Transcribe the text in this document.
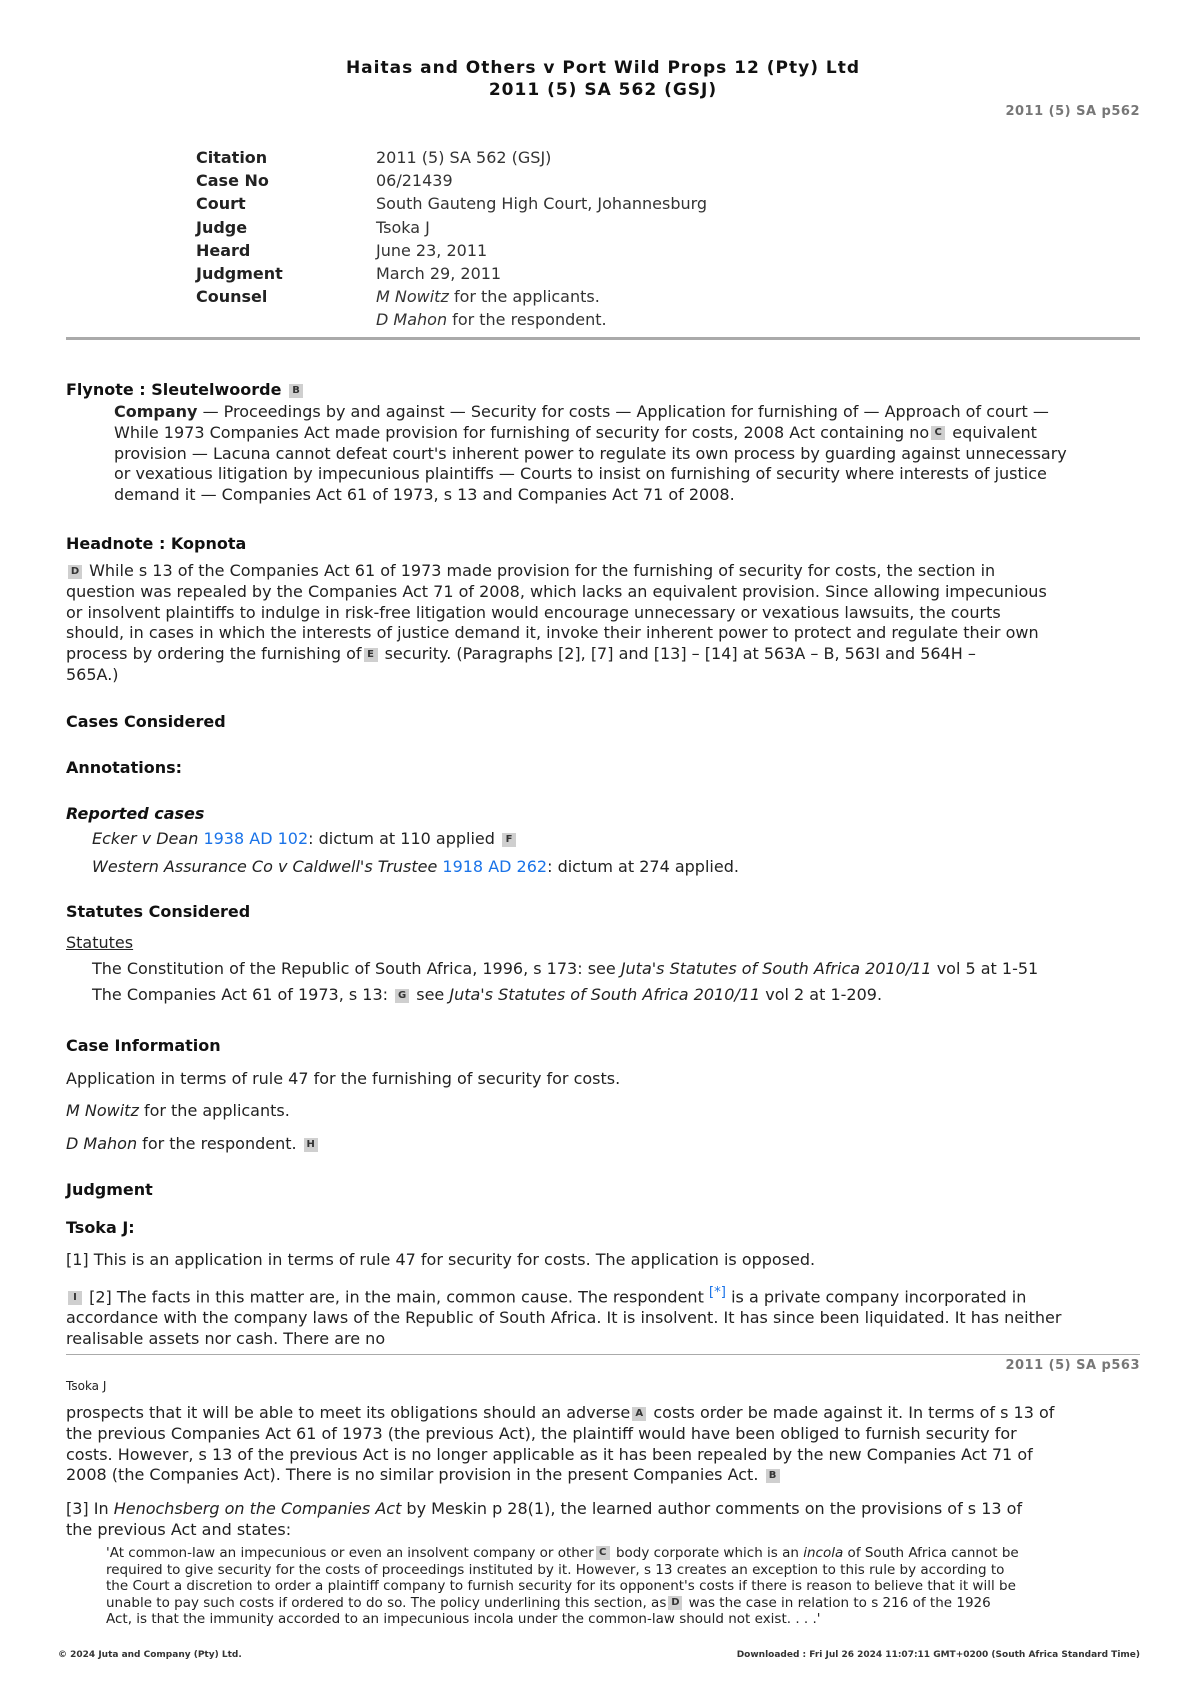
Haitas and Others v Port Wild Props 12 (Pty) Ltd
2011 (5) SA 562 (GSJ)
2011 (5) SA p562
Citation	2011 (5) SA 562 (GSJ)
Case No	06/21439
Court	South Gauteng High Court, Johannesburg
Judge	Tsoka J
Heard	June 23, 2011
Judgment	March 29, 2011
Counsel	M Nowitz for the applicants.
	D Mahon for the respondent.
Flynote : Sleutelwoorde B
Company — Proceedings by and against — Security for costs — Application for furnishing of — Approach of court —
While 1973 Companies Act made provision for furnishing of security for costs, 2008 Act containing no C equivalent
provision — Lacuna cannot defeat court's inherent power to regulate its own process by guarding against unnecessary
or vexatious litigation by impecunious plaintiffs — Courts to insist on furnishing of security where interests of justice
demand it — Companies Act 61 of 1973, s 13 and Companies Act 71 of 2008.
Headnote : Kopnota
D While s 13 of the Companies Act 61 of 1973 made provision for the furnishing of security for costs, the section in
question was repealed by the Companies Act 71 of 2008, which lacks an equivalent provision. Since allowing impecunious
or insolvent plaintiffs to indulge in risk-free litigation would encourage unnecessary or vexatious lawsuits, the courts
should, in cases in which the interests of justice demand it, invoke their inherent power to protect and regulate their own
process by ordering the furnishing of E security. (Paragraphs [2], [7] and [13] – [14] at 563A – B, 563I and 564H –
565A.)
Cases Considered
Annotations:
Reported cases
Ecker v Dean 1938 AD 102: dictum at 110 applied F
Western Assurance Co v Caldwell's Trustee 1918 AD 262: dictum at 274 applied.
Statutes Considered
Statutes
The Constitution of the Republic of South Africa, 1996, s 173: see Juta's Statutes of South Africa 2010/11 vol 5 at 1-51
The Companies Act 61 of 1973, s 13: G see Juta's Statutes of South Africa 2010/11 vol 2 at 1-209.
Case Information
Application in terms of rule 47 for the furnishing of security for costs.
M Nowitz for the applicants.
D Mahon for the respondent. H
Judgment
Tsoka J:
[1] This is an application in terms of rule 47 for security for costs. The application is opposed.
I [2] The facts in this matter are, in the main, common cause. The respondent [*] is a private company incorporated in
accordance with the company laws of the Republic of South Africa. It is insolvent. It has since been liquidated. It has neither
realisable assets nor cash. There are no
2011 (5) SA p563
Tsoka J
prospects that it will be able to meet its obligations should an adverse A costs order be made against it. In terms of s 13 of
the previous Companies Act 61 of 1973 (the previous Act), the plaintiff would have been obliged to furnish security for
costs. However, s 13 of the previous Act is no longer applicable as it has been repealed by the new Companies Act 71 of
2008 (the Companies Act). There is no similar provision in the present Companies Act. B
[3] In Henochsberg on the Companies Act by Meskin p 28(1), the learned author comments on the provisions of s 13 of
the previous Act and states:
'At common-law an impecunious or even an insolvent company or other C body corporate which is an incola of South Africa cannot be
required to give security for the costs of proceedings instituted by it. However, s 13 creates an exception to this rule by according to
the Court a discretion to order a plaintiff company to furnish security for its opponent's costs if there is reason to believe that it will be
unable to pay such costs if ordered to do so. The policy underlining this section, as D was the case in relation to s 216 of the 1926
Act, is that the immunity accorded to an impecunious incola under the common-law should not exist. . . .'
© 2024 Juta and Company (Pty) Ltd.	Downloaded : Fri Jul 26 2024 11:07:11 GMT+0200 (South Africa Standard Time)
